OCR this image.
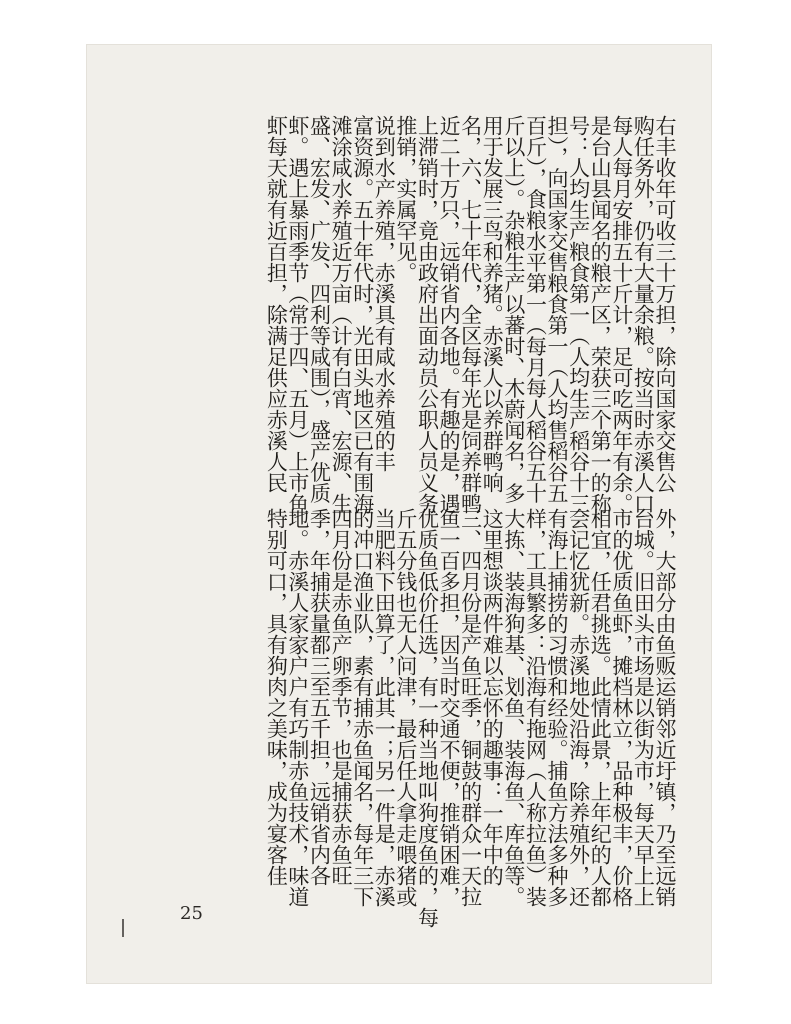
右丰收年可收三十万担，除向国家交售公
购任务外，仍有大量余粮。按当时赤溪人口
每人每月安排五十斤计，足可吃两年有余。
是台山县闻名的粮产区，荣获三个第一的称
号：人均生产粮食第一（人均生产稻谷十三
担），向国家交售粮食第一（人均售稻谷五
百斤），食粮水平第一（每月每人稻谷五十
斤以上）。杂粮生产以蕃时、木蔚闻名，多
用于发展三鸟和养猪。赤溪人以养群鸭响
名，六、七十年代，全区每年光是饲养群鸭
近二十万只，远销省内各地。有趣的是，遇
上滞销时，竟由政府出面动员公职人员义务
推销，实属罕见。
说到水产养殖，赤溪具有咸水养殖的丰
富资源。五十年代时，光田头地区已有围海
滩涂咸水养殖近万亩（计有白宵、宏源、生
盛、宏发、广发、四利等咸围），盛产优质
虾。遇上暴雨季节（常于四、五月）上市鱼
虾每天就有近百担，除满足供应赤溪人民
外，大部分由鱼贩运销邻近圩镇，乃至远销
台城。旧田头市场是以街为市，每天早上上
市的优质鱼虾，摊档林立，品种极丰，价格
相宜，任君挑选。此情此景，上年纪的人都
会记忆犹新。赤溪地处沿海，除养殖外，还
有海上捕捞的习惯和经验。捕鱼方法多种多
样，工具繁多：沿海有拖网（人称拉鱼）装
大拣、装海狗基、划鱼、装海鱼、库鱼等。
这里想谈两件难以忘怀的趣事：一年中的
三、四月份是产鱼旺季，铜鼓的群众一天拉
鱼一百多担，因当时交通不便，推销困难，
优质鱼低价任选，有一种当地叫狗度鱼的，每
斤五分钱也无人问津，最后任人拿走喂猪或
当肥料下田算了，此其一；另一件是，赤溪
的冲口渔业队，素有捕赤鱼闻名，每年三下
四月份是赤鱼产卵季节，也是捕获赤鱼旺
季，年捕获量都三至五千担，远销省内各
地。赤溪人家家户户有巧制赤鱼技术，味道
特别可口，具有狗肉之美味，成为宴客佳
25
